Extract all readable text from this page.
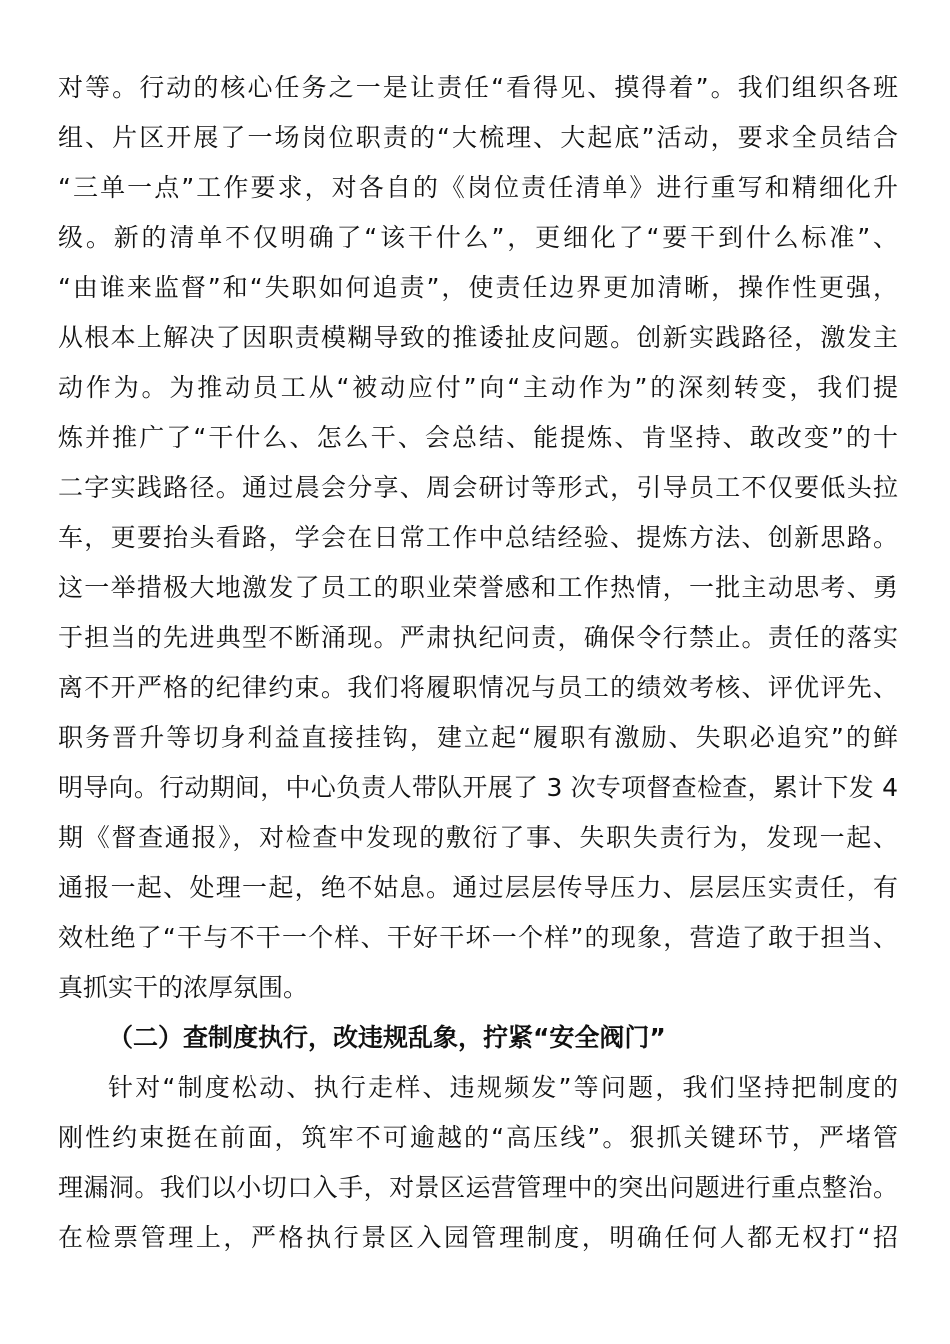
对等。行动的核心任务之一是让责任“看得见、摸得着”。我们组织各班
组、片区开展了一场岗位职责的“大梳理、大起底”活动，要求全员结合
“三单一点”工作要求，对各自的《岗位责任清单》进行重写和精细化升
级。新的清单不仅明确了“该干什么”，更细化了“要干到什么标准”、
“由谁来监督”和“失职如何追责”，使责任边界更加清晰，操作性更强，
从根本上解决了因职责模糊导致的推诿扯皮问题。创新实践路径，激发主
动作为。为推动员工从“被动应付”向“主动作为”的深刻转变，我们提
炼并推广了“干什么、怎么干、会总结、能提炼、肯坚持、敢改变”的十
二字实践路径。通过晨会分享、周会研讨等形式，引导员工不仅要低头拉
车，更要抬头看路，学会在日常工作中总结经验、提炼方法、创新思路。
这一举措极大地激发了员工的职业荣誉感和工作热情，一批主动思考、勇
于担当的先进典型不断涌现。严肃执纪问责，确保令行禁止。责任的落实
离不开严格的纪律约束。我们将履职情况与员工的绩效考核、评优评先、
职务晋升等切身利益直接挂钩，建立起“履职有激励、失职必追究”的鲜
明导向。行动期间，中心负责人带队开展了 3 次专项督查检查，累计下发 4
期《督查通报》，对检查中发现的敷衍了事、失职失责行为，发现一起、
通报一起、处理一起，绝不姑息。通过层层传导压力、层层压实责任，有
效杜绝了“干与不干一个样、干好干坏一个样”的现象，营造了敢于担当、
真抓实干的浓厚氛围。
（二）查制度执行，改违规乱象，拧紧“安全阀门”
针对“制度松动、执行走样、违规频发”等问题，我们坚持把制度的
刚性约束挺在前面，筑牢不可逾越的“高压线”。狠抓关键环节，严堵管
理漏洞。我们以小切口入手，对景区运营管理中的突出问题进行重点整治。
在检票管理上，严格执行景区入园管理制度，明确任何人都无权打“招
